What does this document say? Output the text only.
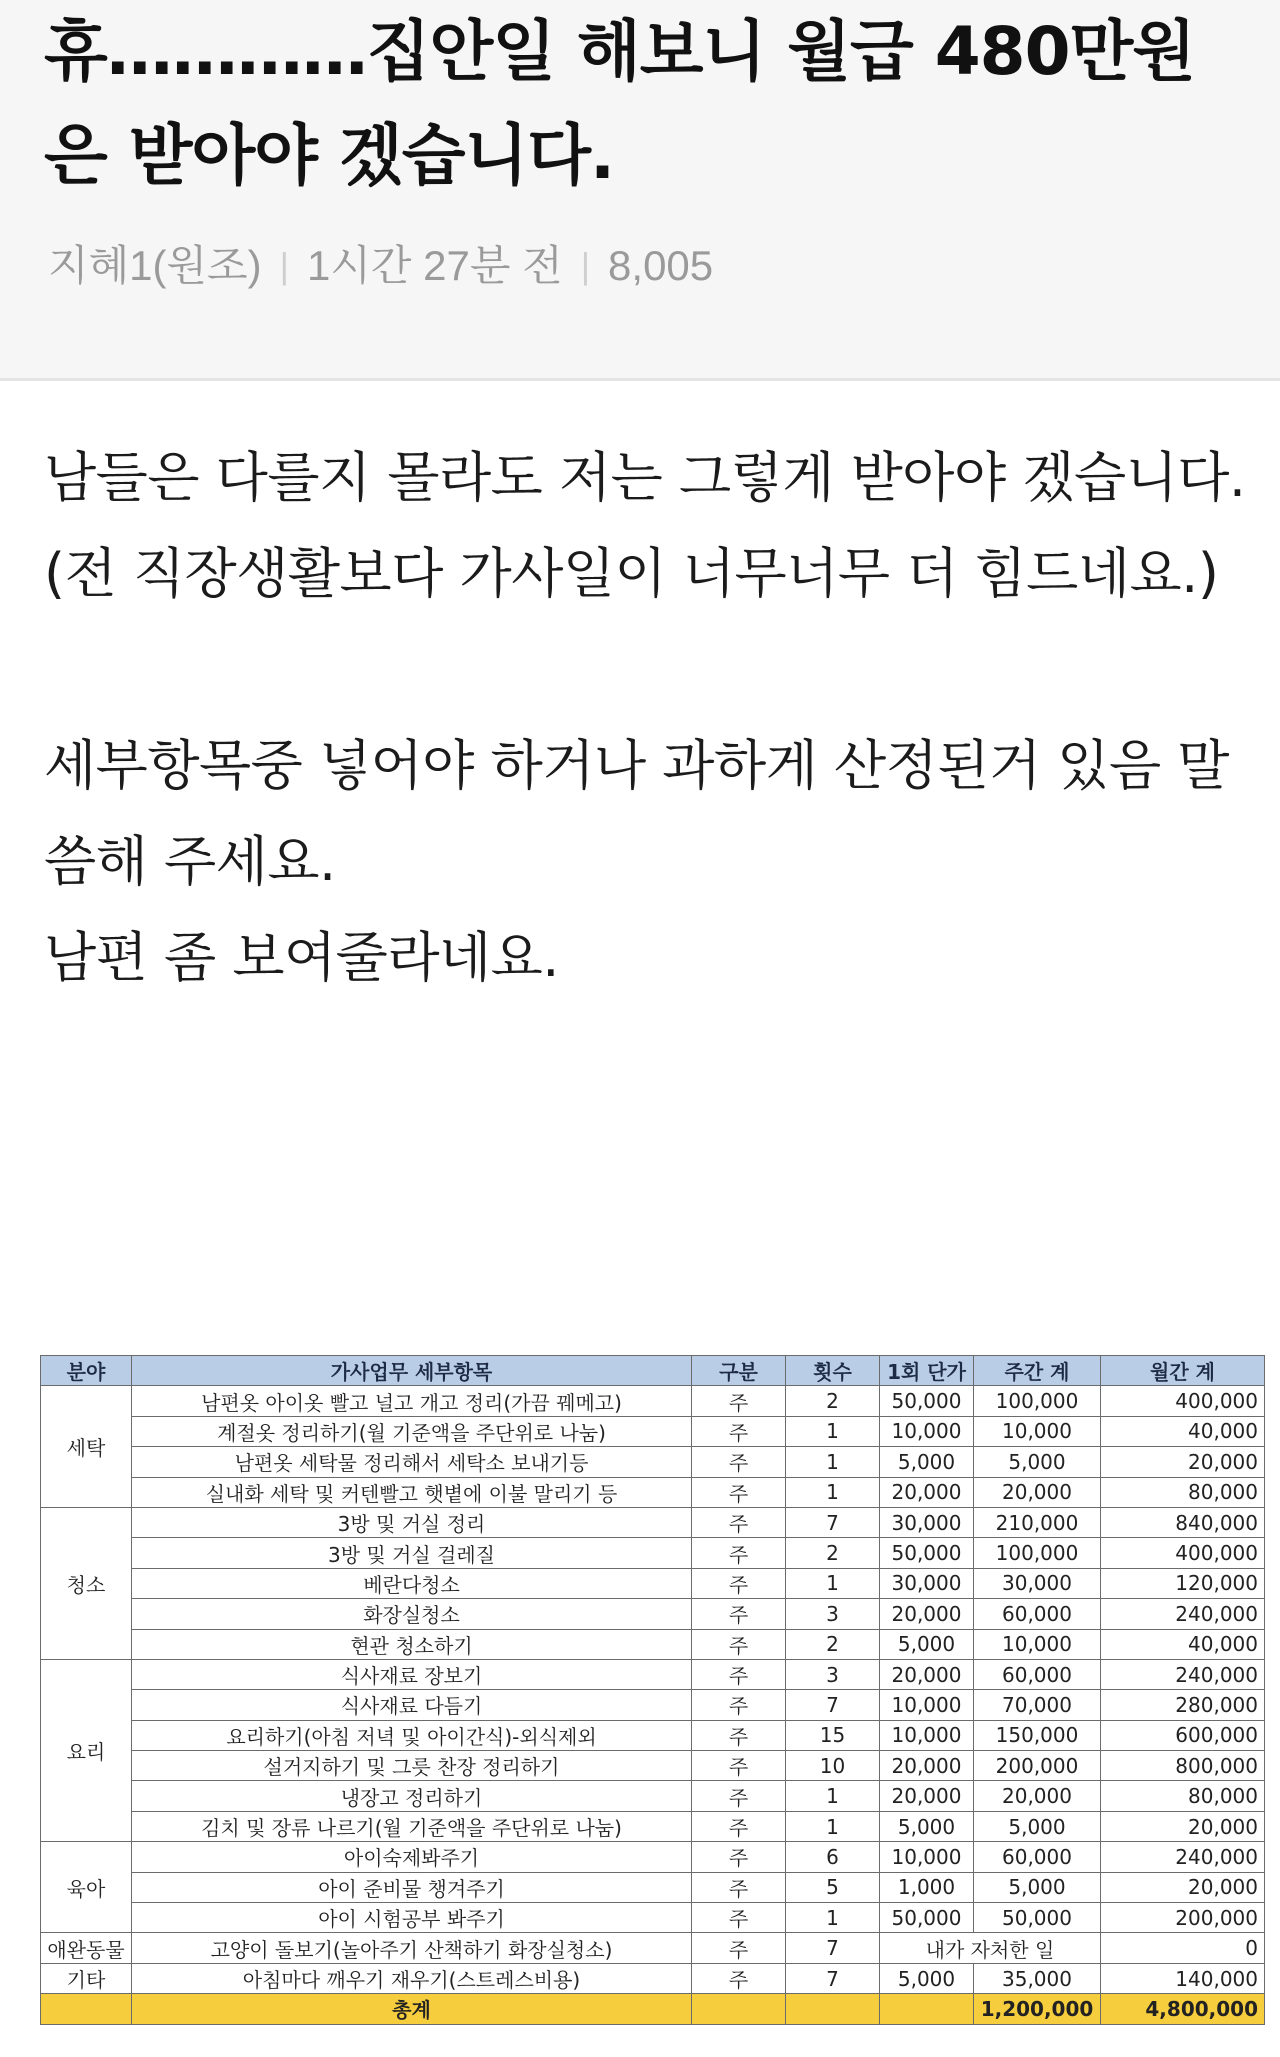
휴…………집안일 해보니 월급 480만원은 받아야 겠습니다.
지혜1(원조) | 1시간 27분 전 | 8,005

남들은 다를지 몰라도 저는 그렇게 받아야 겠습니다.

(전 직장생활보다 가사일이 너무너무 더 힘드네요.)

세부항목중 넣어야 하거나 과하게 산정된거 있음 말씀해 주세요.

남편 좀 보여줄라네요.

분야	가사업무 세부항목	구분	횟수	1회 단가	주간 계	월간 계
세탁	남편옷 아이옷 빨고 널고 개고 정리(가끔 꿰메고)	주	2	50,000	100,000	400,000
	계절옷 정리하기(월 기준액을 주단위로 나눔)	주	1	10,000	10,000	40,000
	남편옷 세탁물 정리해서 세탁소 보내기등	주	1	5,000	5,000	20,000
	실내화 세탁 및 커텐빨고 햇볕에 이불 말리기 등	주	1	20,000	20,000	80,000
청소	3방 및 거실 정리	주	7	30,000	210,000	840,000
	3방 및 거실 걸레질	주	2	50,000	100,000	400,000
	베란다청소	주	1	30,000	30,000	120,000
	화장실청소	주	3	20,000	60,000	240,000
	현관 청소하기	주	2	5,000	10,000	40,000
요리	식사재료 장보기	주	3	20,000	60,000	240,000
	식사재료 다듬기	주	7	10,000	70,000	280,000
	요리하기(아침 저녁 및 아이간식)-외식제외	주	15	10,000	150,000	600,000
	설거지하기 및 그릇 찬장 정리하기	주	10	20,000	200,000	800,000
	냉장고 정리하기	주	1	20,000	20,000	80,000
	김치 및 장류 나르기(월 기준액을 주단위로 나눔)	주	1	5,000	5,000	20,000
육아	아이숙제봐주기	주	6	10,000	60,000	240,000
	아이 준비물 챙겨주기	주	5	1,000	5,000	20,000
	아이 시험공부 봐주기	주	1	50,000	50,000	200,000
애완동물	고양이 돌보기(놀아주기 산책하기 화장실청소)	주	7	내가 자처한 일		0
기타	아침마다 깨우기 재우기(스트레스비용)	주	7	5,000	35,000	140,000
	총계				1,200,000	4,800,000
